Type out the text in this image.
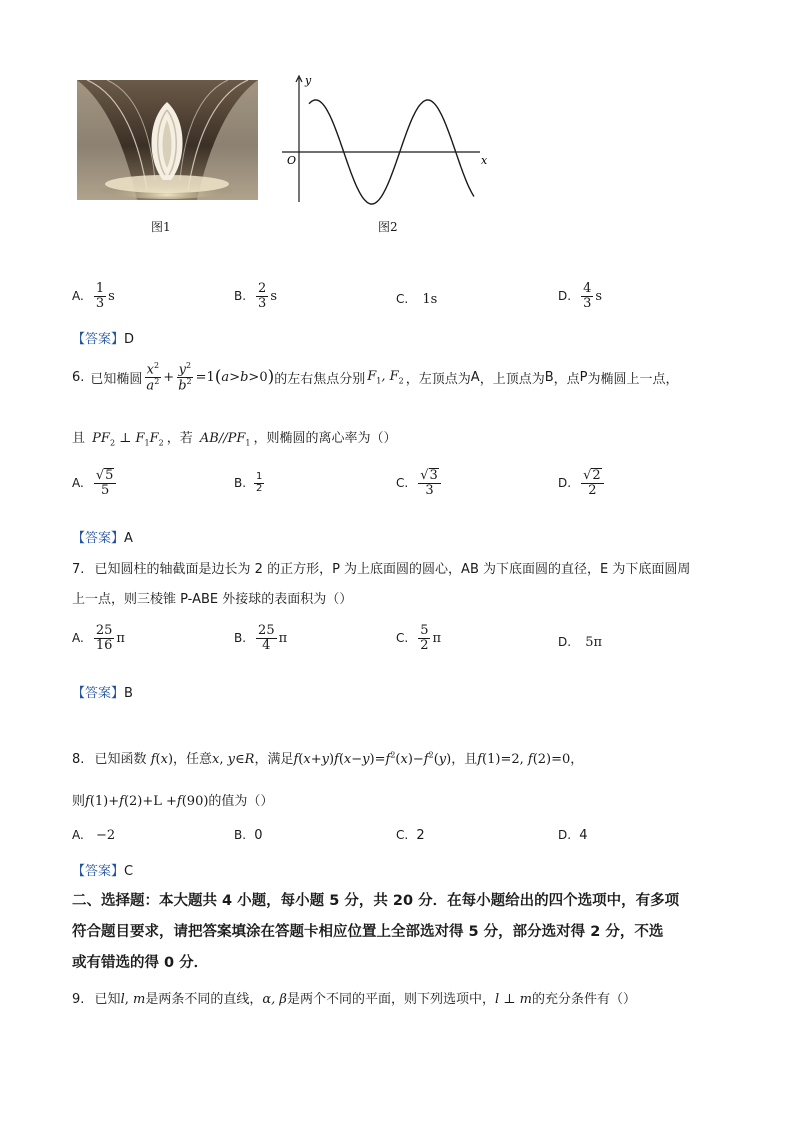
图1
y
x
O
图2
A. $\frac{1}{3}$ s	B. $\frac{2}{3}$ s	C. 1s	D. $\frac{4}{3}$ s
【答案】D
6. 已知椭圆 $\frac{x^2}{a^2} + \frac{y^2}{b^2} =1$ ( a > b >0 ) 的左右焦点分别 $F_1$, $F_2$ ，左顶点为 A ，上顶点为 B ，点 P 为椭圆上一点，
且 $PF_2$ ⊥ $F_1F_2$ ，若 $AB//PF_1$ ，则椭圆的离心率为（）
A. $\frac{√ 5}{5}$	B. $\frac{1}{2}$	C. $\frac{√ 3}{3}$	D. $\frac{√ 2}{2}$
【答案】A
7. 已知圆柱的轴截面是边长为 2 的正方形，P 为上底面圆的圆心，AB 为下底面圆的直径，E 为下底面圆周
上一点，则三棱锥 P-ABE 外接球的表面积为（）
A. $\frac{25}{16}$ π	B. $\frac{25}{4}$ π	C. $\frac{5}{2}$ π	D. 5π
【答案】B
8. 已知函数 f(x)，任意x, y∈R，满足$f(x+y)f(x-y)=f^2(x)-f^2(y)$，且f(1)=2, f(2)=0，
则f(1)+f(2)+L +f(90)的值为（）
A. −2	B. 0	C. 2	D. 4
【答案】C
二、选择题：本大题共 4 小题，每小题 5 分，共 20 分．在每小题给出的四个选项中，有多项
符合题目要求，请把答案填涂在答题卡相应位置上全部选对得 5 分，部分选对得 2 分，不选
或有错选的得 0 分．
9. 已知l, m是两条不同的直线，α, β是两个不同的平面，则下列选项中，l ⊥ m的充分条件有（）
